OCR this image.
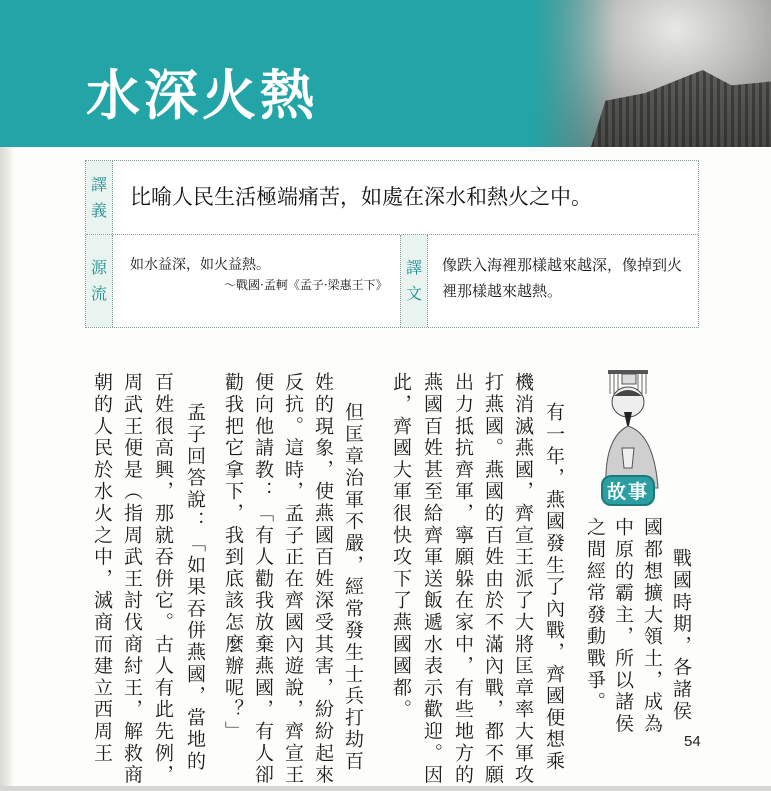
水深火熱
譯
義
比喻人民生活極端痛苦，如處在深水和熱火之中。
源
流
如水益深，如火益熱。
～戰國·孟軻《孟子·梁惠王下》
譯
文
像跌入海裡那樣越來越深，像掉到火裡那樣越來越熱。
故事
戰國時期，各諸侯
國都想擴大領土，成為
中原的霸主，所以諸侯
之間經常發動戰爭。
有一年，燕國發生了內戰，齊國便想乘
機消滅燕國，齊宣王派了大將匡章率大軍攻
打燕國。燕國的百姓由於不滿內戰，都不願
出力抵抗齊軍，寧願躲在家中，有些地方的
燕國百姓甚至給齊軍送飯遞水表示歡迎。因
此，齊國大軍很快攻下了燕國國都。
但匡章治軍不嚴，經常發生士兵打劫百
姓的現象，使燕國百姓深受其害，紛紛起來
反抗。這時，孟子正在齊國內遊說，齊宣王
便向他請教：「有人勸我放棄燕國，有人卻
勸我把它拿下，我到底該怎麼辦呢？」
孟子回答說：「如果吞併燕國，當地的
百姓很高興，那就吞併它。古人有此先例，
周武王便是（指周武王討伐商紂王，解救商
朝的人民於水火之中，滅商而建立西周王	54
